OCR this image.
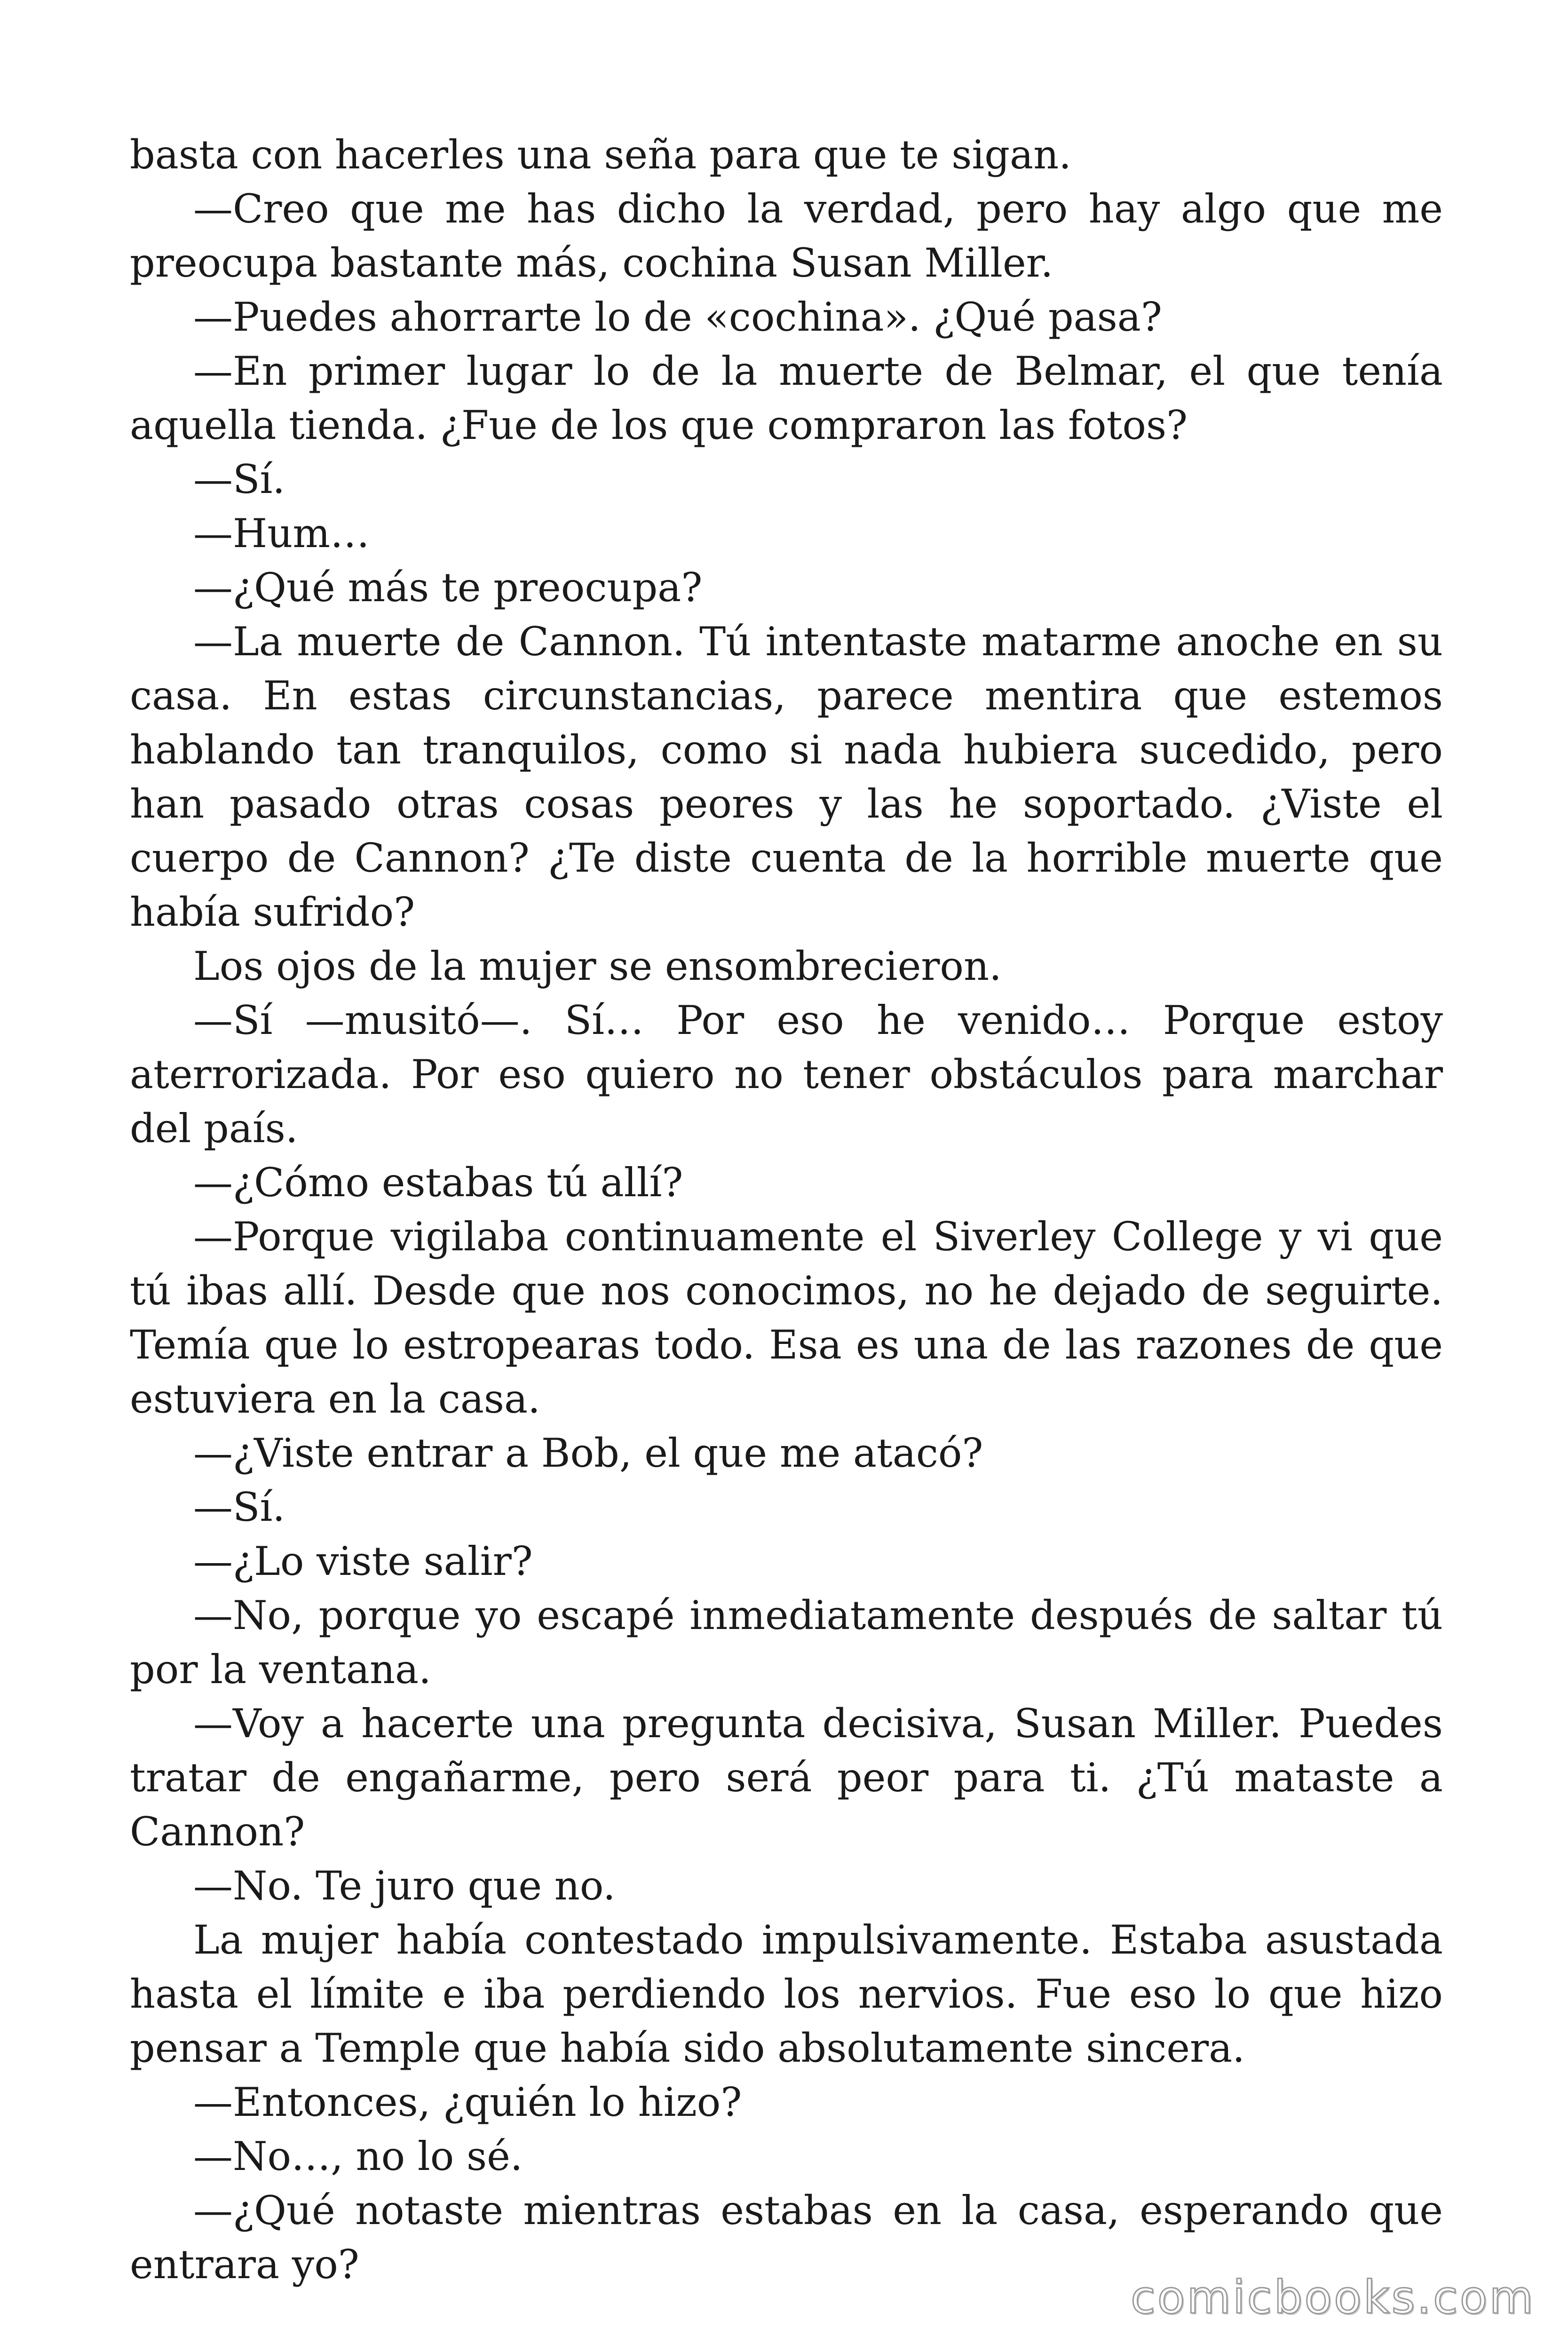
basta con hacerles una seña para que te sigan.

—Creo que me has dicho la verdad, pero hay algo que me preocupa bastante más, cochina Susan Miller.

—Puedes ahorrarte lo de «cochina». ¿Qué pasa?

—En primer lugar lo de la muerte de Belmar, el que tenía aquella tienda. ¿Fue de los que compraron las fotos?

—Sí.

—Hum…

—¿Qué más te preocupa?

—La muerte de Cannon. Tú intentaste matarme anoche en su casa. En estas circunstancias, parece mentira que estemos hablando tan tranquilos, como si nada hubiera sucedido, pero han pasado otras cosas peores y las he soportado. ¿Viste el cuerpo de Cannon? ¿Te diste cuenta de la horrible muerte que había sufrido?

Los ojos de la mujer se ensombrecieron.

—Sí —musitó—. Sí… Por eso he venido… Porque estoy aterrorizada. Por eso quiero no tener obstáculos para marchar del país.

—¿Cómo estabas tú allí?

—Porque vigilaba continuamente el Siverley College y vi que tú ibas allí. Desde que nos conocimos, no he dejado de seguirte. Temía que lo estropearas todo. Esa es una de las razones de que estuviera en la casa.

—¿Viste entrar a Bob, el que me atacó?

—Sí.

—¿Lo viste salir?

—No, porque yo escapé inmediatamente después de saltar tú por la ventana.

—Voy a hacerte una pregunta decisiva, Susan Miller. Puedes tratar de engañarme, pero será peor para ti. ¿Tú mataste a Cannon?

—No. Te juro que no.

La mujer había contestado impulsivamente. Estaba asustada hasta el límite e iba perdiendo los nervios. Fue eso lo que hizo pensar a Temple que había sido absolutamente sincera.

—Entonces, ¿quién lo hizo?

—No…, no lo sé.

—¿Qué notaste mientras estabas en la casa, esperando que entrara yo?

comicbooks.com
